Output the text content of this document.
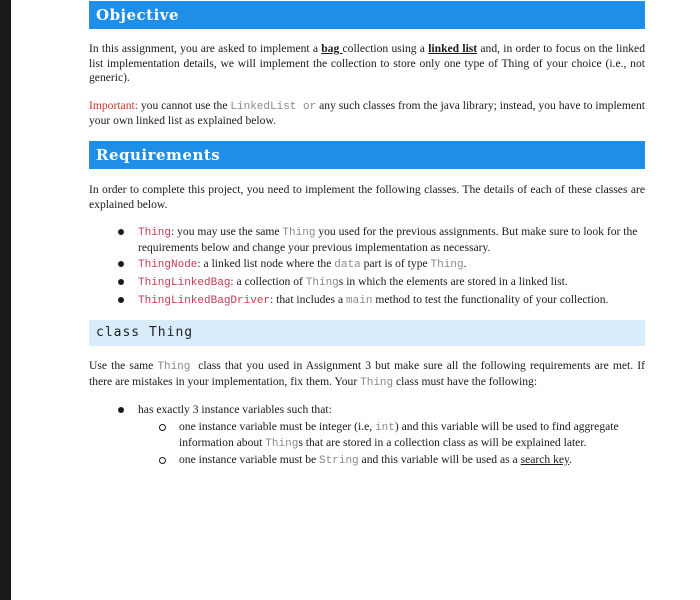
Objective

In this assignment, you are asked to implement a bag collection using a linked list and, in order to focus on the linked list implementation details, we will implement the collection to store only one type of Thing of your choice (i.e., not generic).

Important: you cannot use the LinkedList or any such classes from the java library; instead, you have to implement your own linked list as explained below.

Requirements

In order to complete this project, you need to implement the following classes. The details of each of these classes are explained below.

Thing: you may use the same Thing you used for the previous assignments. But make sure to look for the requirements below and change your previous implementation as necessary.
ThingNode: a linked list node where the data part is of type Thing.
ThingLinkedBag: a collection of Things in which the elements are stored in a linked list.
ThingLinkedBagDriver: that includes a main method to test the functionality of your collection.
class Thing

Use the same Thing class that you used in Assignment 3 but make sure all the following requirements are met. If there are mistakes in your implementation, fix them. Your Thing class must have the following:

has exactly 3 instance variables such that:
one instance variable must be integer (i.e, int) and this variable will be used to find aggregate information about Things that are stored in a collection class as will be explained later.
one instance variable must be String and this variable will be used as a search key.
